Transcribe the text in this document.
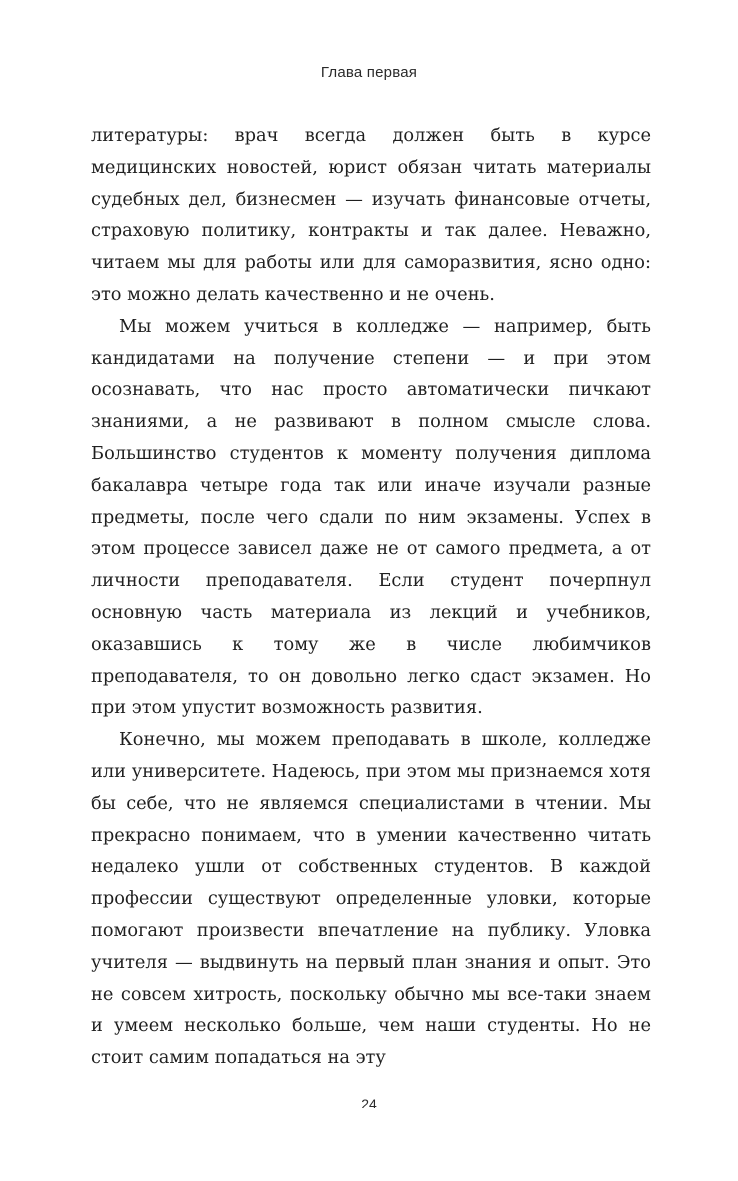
Глава первая

литературы: врач всегда должен быть в курсе медицинских новостей, юрист обязан читать материалы судебных дел, бизнесмен — изучать финансовые отчеты, страховую политику, контракты и так далее. Неважно, читаем мы для работы или для саморазвития, ясно одно: это можно делать качественно и не очень.

Мы можем учиться в колледже — например, быть кандидатами на получение степени — и при этом осознавать, что нас просто автоматически пичкают знаниями, а не развивают в полном смысле слова. Большинство студентов к моменту получения диплома бакалавра четыре года так или иначе изучали разные предметы, после чего сдали по ним экзамены. Успех в этом процессе зависел даже не от самого предмета, а от личности преподавателя. Если студент почерпнул основную часть материала из лекций и учебников, оказавшись к тому же в числе любимчиков преподавателя, то он довольно легко сдаст экзамен. Но при этом упустит возможность развития.

Конечно, мы можем преподавать в школе, колледже или университете. Надеюсь, при этом мы признаемся хотя бы себе, что не являемся специалистами в чтении. Мы прекрасно понимаем, что в умении качественно читать недалеко ушли от собственных студентов. В каждой профессии существуют определенные уловки, которые помогают произвести впечатление на публику. Уловка учителя — выдвинуть на первый план знания и опыт. Это не совсем хитрость, поскольку обычно мы все-таки знаем и умеем несколько больше, чем наши студенты. Но не стоит самим попадаться на эту

24
